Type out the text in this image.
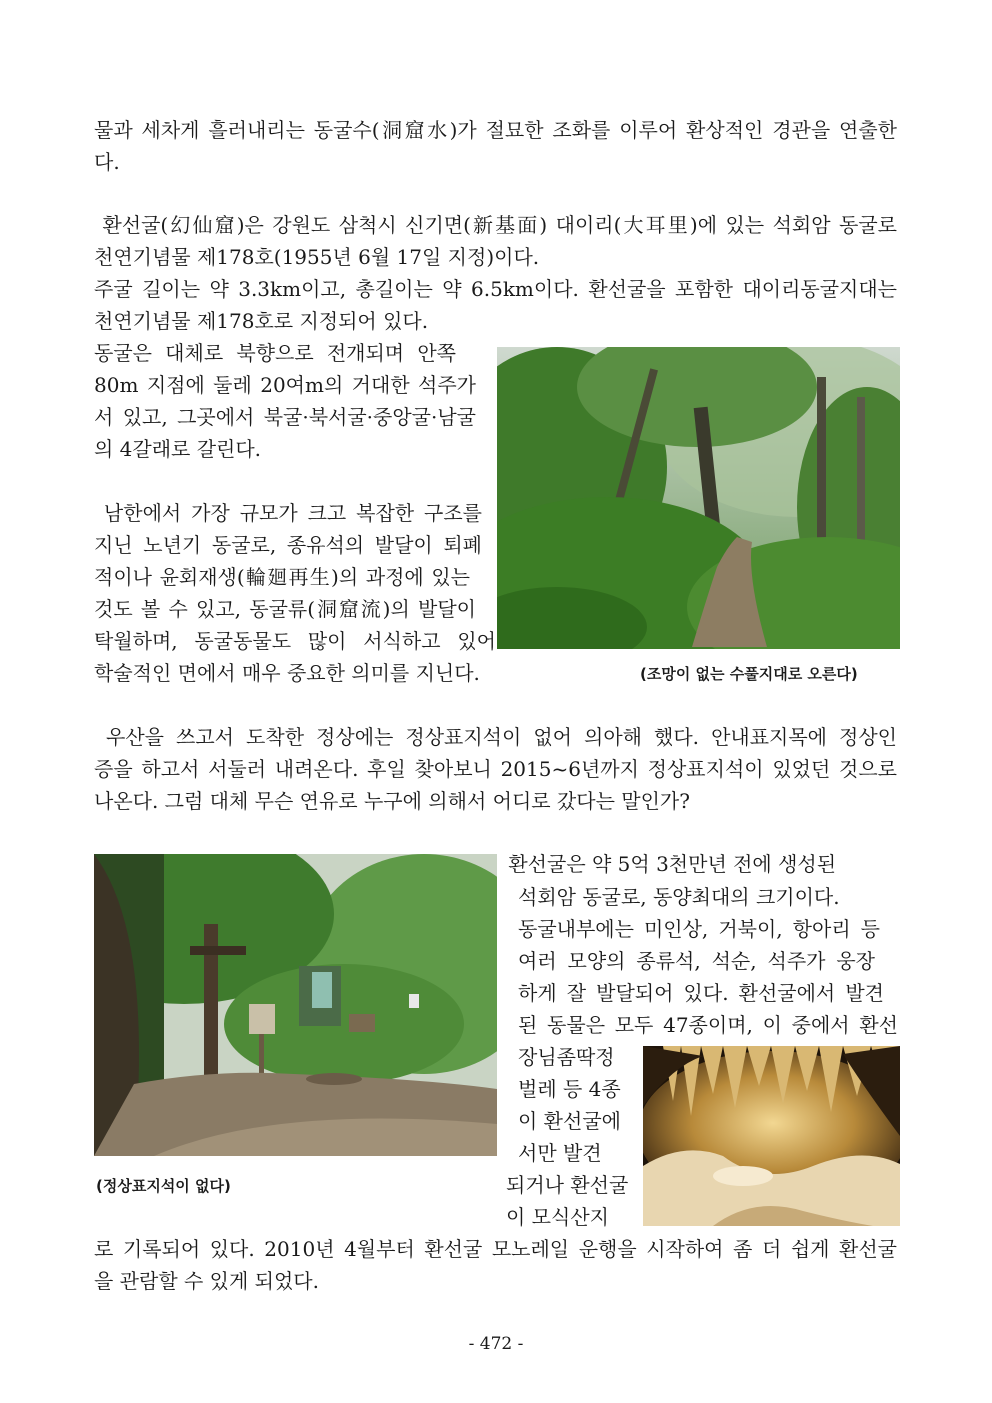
물과 세차게 흘러내리는 동굴수(洞窟水)가 절묘한 조화를 이루어 환상적인 경관을 연출한
다.
환선굴(幻仙窟)은 강원도 삼척시 신기면(新基面) 대이리(大耳里)에 있는 석회암 동굴로
천연기념물 제178호(1955년 6월 17일 지정)이다.
주굴 길이는 약 3.3km이고, 총길이는 약 6.5km이다. 환선굴을 포함한 대이리동굴지대는
천연기념물 제178호로 지정되어 있다.
동굴은 대체로 북향으로 전개되며 안쪽
80m 지점에 둘레 20여m의 거대한 석주가
서 있고, 그곳에서 북굴·북서굴·중앙굴·남굴
의 4갈래로 갈린다.
남한에서 가장 규모가 크고 복잡한 구조를
지닌 노년기 동굴로, 종유석의 발달이 퇴폐
적이나 윤회재생(輪廻再生)의 과정에 있는
것도 볼 수 있고, 동굴류(洞窟流)의 발달이
탁월하며, 동굴동물도 많이 서식하고 있어
학술적인 면에서 매우 중요한 의미를 지닌다.	(조망이 없는 수풀지대로 오른다)
우산을 쓰고서 도착한 정상에는 정상표지석이 없어 의아해 했다. 안내표지목에 정상인
증을 하고서 서둘러 내려온다. 후일 찾아보니 2015~6년까지 정상표지석이 있었던 것으로
나온다. 그럼 대체 무슨 연유로 누구에 의해서 어디로 갔다는 말인가?
(정상표지석이 없다)
환선굴은 약 5억 3천만년 전에 생성된
석회암 동굴로, 동양최대의 크기이다.
동굴내부에는 미인상, 거북이, 항아리 등
여러 모양의 종류석, 석순, 석주가 웅장
하게 잘 발달되어 있다. 환선굴에서 발견
된 동물은 모두 47종이며, 이 중에서 환선
장님좀딱정
벌레 등 4종
이 환선굴에
서만 발견
되거나 환선굴
이 모식산지
로 기록되어 있다. 2010년 4월부터 환선굴 모노레일 운행을 시작하여 좀 더 쉽게 환선굴
을 관람할 수 있게 되었다.
- 472 -
